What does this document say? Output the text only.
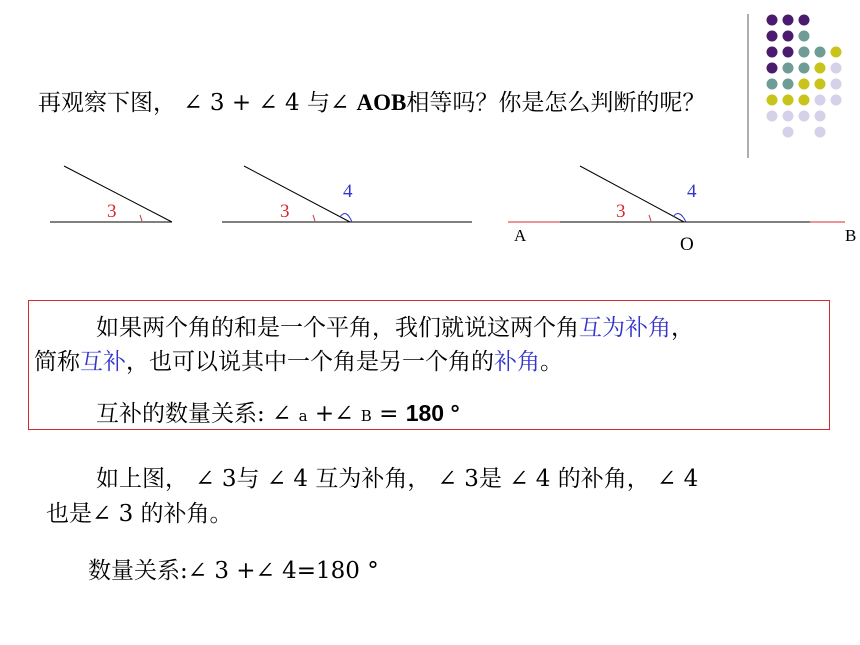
再观察下图， ∠ 3 + ∠ 4 与∠ AOB相等吗？你是怎么判断的呢？
3	3
4
3
4
A	O	B
如果两个角的和是一个平角，我们就说这两个角互为补角，
简称互补，也可以说其中一个角是另一个角的补角。
互补的数量关系: ∠ a +∠ B = 180 °
如上图， ∠ 3与 ∠ 4 互为补角， ∠ 3是 ∠ 4 的补角， ∠ 4
也是∠ 3 的补角。
数量关系:∠ 3 +∠ 4=180 °
